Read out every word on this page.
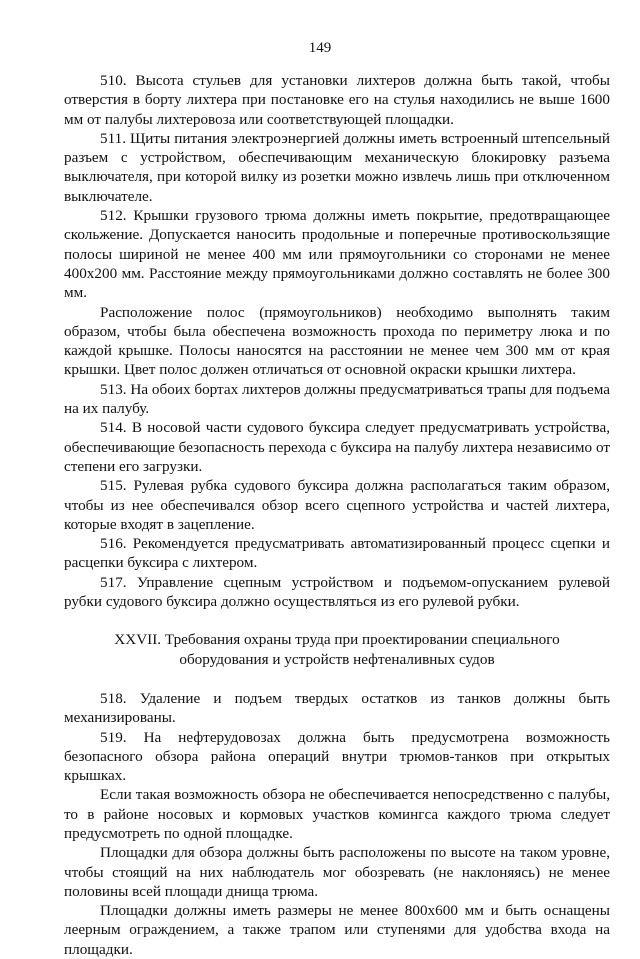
149

510. Высота стульев для установки лихтеров должна быть такой, чтобы отверстия в борту лихтера при постановке его на стулья находились не выше 1600 мм от палубы лихтеровоза или соответствующей площадки.

511. Щиты питания электроэнергией должны иметь встроенный штепсельный разъем с устройством, обеспечивающим механическую блокировку разъема выключателя, при которой вилку из розетки можно извлечь лишь при отключенном выключателе.

512. Крышки грузового трюма должны иметь покрытие, предотвращающее скольжение. Допускается наносить продольные и поперечные противоскользящие полосы шириной не менее 400 мм или прямоугольники со сторонами не менее 400x200 мм. Расстояние между прямоугольниками должно составлять не более 300 мм.

Расположение полос (прямоугольников) необходимо выполнять таким образом, чтобы была обеспечена возможность прохода по периметру люка и по каждой крышке. Полосы наносятся на расстоянии не менее чем 300 мм от края крышки. Цвет полос должен отличаться от основной окраски крышки лихтера.

513. На обоих бортах лихтеров должны предусматриваться трапы для подъема на их палубу.

514. В носовой части судового буксира следует предусматривать устройства, обеспечивающие безопасность перехода с буксира на палубу лихтера независимо от степени его загрузки.

515. Рулевая рубка судового буксира должна располагаться таким образом, чтобы из нее обеспечивался обзор всего сцепного устройства и частей лихтера, которые входят в зацепление.

516. Рекомендуется предусматривать автоматизированный процесс сцепки и расцепки буксира с лихтером.

517. Управление сцепным устройством и подъемом-опусканием рулевой рубки судового буксира должно осуществляться из его рулевой рубки.

XXVII. Требования охраны труда при проектировании специального
оборудования и устройств нефтеналивных судов

518. Удаление и подъем твердых остатков из танков должны быть механизированы.

519. На нефтерудовозах должна быть предусмотрена возможность безопасного обзора района операций внутри трюмов-танков при открытых крышках.

Если такая возможность обзора не обеспечивается непосредственно с палубы, то в районе носовых и кормовых участков комингса каждого трюма следует предусмотреть по одной площадке.

Площадки для обзора должны быть расположены по высоте на таком уровне, чтобы стоящий на них наблюдатель мог обозревать (не наклоняясь) не менее половины всей площади днища трюма.

Площадки должны иметь размеры не менее 800x600 мм и быть оснащены леерным ограждением, а также трапом или ступенями для удобства входа на площадки.
